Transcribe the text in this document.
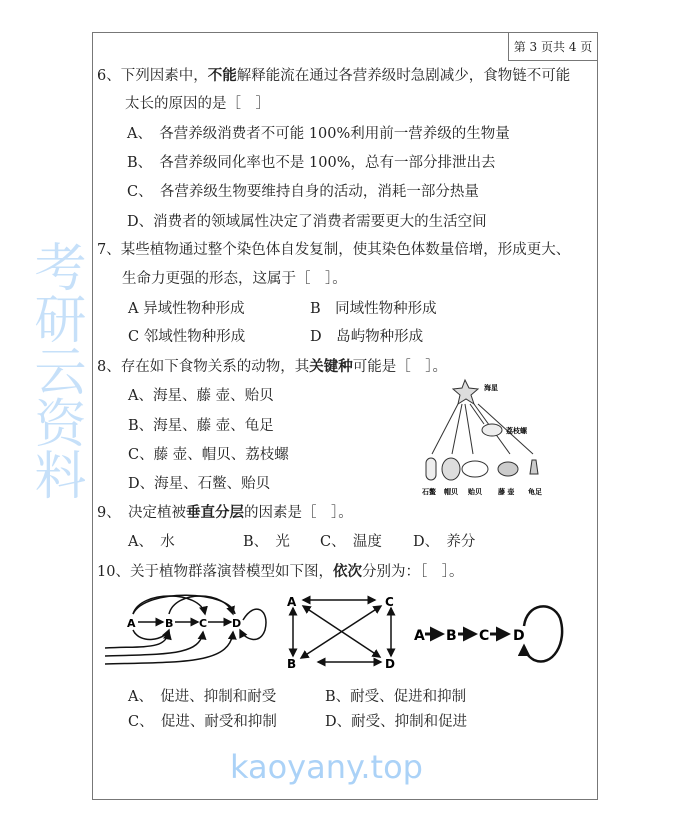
第 3 页共 4 页
6、下列因素中，不能解释能流在通过各营养级时急剧减少，食物链不可能
太长的原因的是［　］
A、　各营养级消费者不可能 100%利用前一营养级的生物量
B、　各营养级同化率也不是 100%，总有一部分排泄出去
C、　各营养级生物要维持自身的活动，消耗一部分热量
D、消费者的领域属性决定了消费者需要更大的生活空间
7、某些植物通过整个染色体自发复制，使其染色体数量倍增，形成更大、
生命力更强的形态，这属于［　］。
A 异域性物种形成	B　同域性物种形成
C 邻域性物种形成	D　岛屿物种形成
8、存在如下食物关系的动物，其关键种可能是［　］。
A、海星、藤 壶、贻贝
B、海星、藤 壶、龟足
C、藤 壶、帽贝、荔枝螺
D、海星、石鳖、贻贝
海星
荔枝螺
石鳖 帽贝 贻贝 藤 壶 龟足
9、　决定植被垂直分层的因素是［　］。
A、　水	B、　光 C、　温度 D、　养分
10、关于植物群落演替模型如下图，依次分别为：［　］。
A	B C D
A
B
C
D
A B C D
A、　促进、抑制和耐受	B、耐受、促进和抑制
C、　促进、耐受和抑制	D、耐受、抑制和促进
kaoyany.top
考研云资料
